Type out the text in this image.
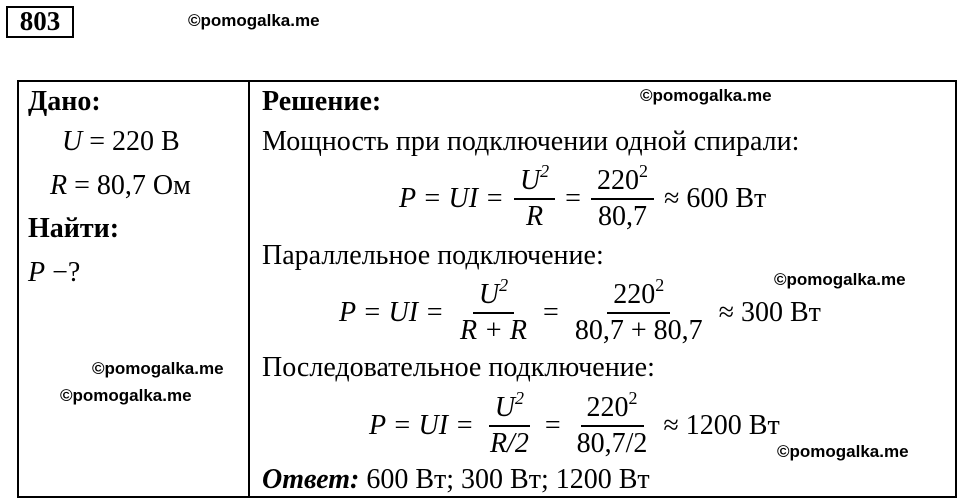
803	©pomogalka.me
Дано:
U = 220 В
R = 80,7 Ом
Найти:
P −?
©pomogalka.me
©pomogalka.me
Решение:	©pomogalka.me
Мощность при подключении одной спирали:
P = UI = $\frac{U^2}{R} = \frac{220^2}{80,7} \approx 600$ Вт
Параллельное подключение:
©pomogalka.me
P = UI = $\frac{U^2}{R + R} = \frac{220^2}{80,7 + 80,7} \approx 300$ Вт
Последовательное подключение:
P = UI = $\frac{U^2}{R/2} = \frac{220^2}{80,7/2} \approx 1200$ Вт
©pomogalka.me
Ответ: 600 Вт; 300 Вт; 1200 Вт
